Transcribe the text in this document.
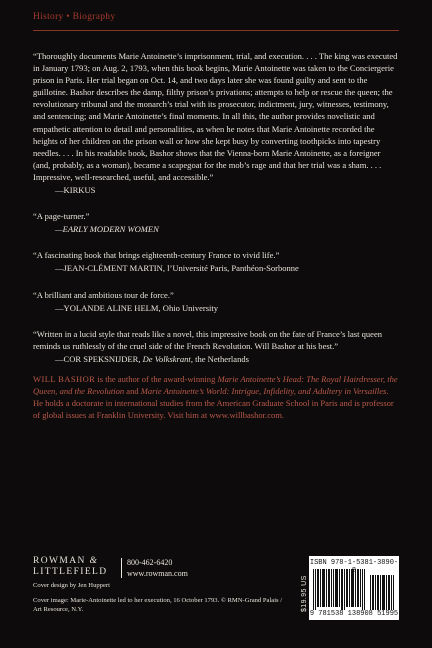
History • Biography

“Thoroughly documents Marie Antoinette’s imprisonment, trial, and execution. . . . The king was executed in January 1793; on Aug. 2, 1793, when this book begins, Marie Antoinette was taken to the Conciergerie prison in Paris. Her trial began on Oct. 14, and two days later she was found guilty and sent to the guillotine. Bashor describes the damp, filthy prison’s privations; attempts to help or rescue the queen; the revolutionary tribunal and the monarch’s trial with its prosecutor, indictment, jury, witnesses, testimony, and sentencing; and Marie Antoinette’s final moments. In all this, the author provides novelistic and empathetic attention to detail and personalities, as when he notes that Marie Antoinette recorded the heights of her children on the prison wall or how she kept busy by converting toothpicks into tapestry needles. . . . In his readable book, Bashor shows that the Vienna-born Marie Antoinette, as a foreigner (and, probably, as a woman), became a scapegoat for the mob’s rage and that her trial was a sham. . . . Impressive, well-researched, useful, and accessible.”

—KIRKUS

“A page-turner.”

—EARLY MODERN WOMEN

“A fascinating book that brings eighteenth-century France to vivid life.”

—JEAN-CLÉMENT MARTIN, l’Université Paris, Panthéon-Sorbonne

“A brilliant and ambitious tour de force.”

—YOLANDE ALINE HELM, Ohio University

“Written in a lucid style that reads like a novel, this impressive book on the fate of France’s last queen reminds us ruthlessly of the cruel side of the French Revolution. Will Bashor at his best.”

—COR SPEKSNIJDER, De Volkskrant, the Netherlands

WILL BASHOR is the author of the award-winning Marie Antoinette’s Head: The Royal Hairdresser, the Queen, and the Revolution and Marie Antoinette’s World: Intrigue, Infidelity, and Adultery in Versailles. He holds a doctorate in international studies from the American Graduate School in Paris and is professor of global issues at Franklin University. Visit him at www.willbashor.com.

ROWMAN &
LITTLEFIELD
800-462-6420
www.rowman.com

Cover design by Jen Huppert

Cover image: Marie-Antoinette led to her execution, 16 October 1793. © RMN-Grand Palais / Art Resource, N.Y.	$19.95 US
ISBN 978-1-5381-3890-
9 781538 138908 51995
